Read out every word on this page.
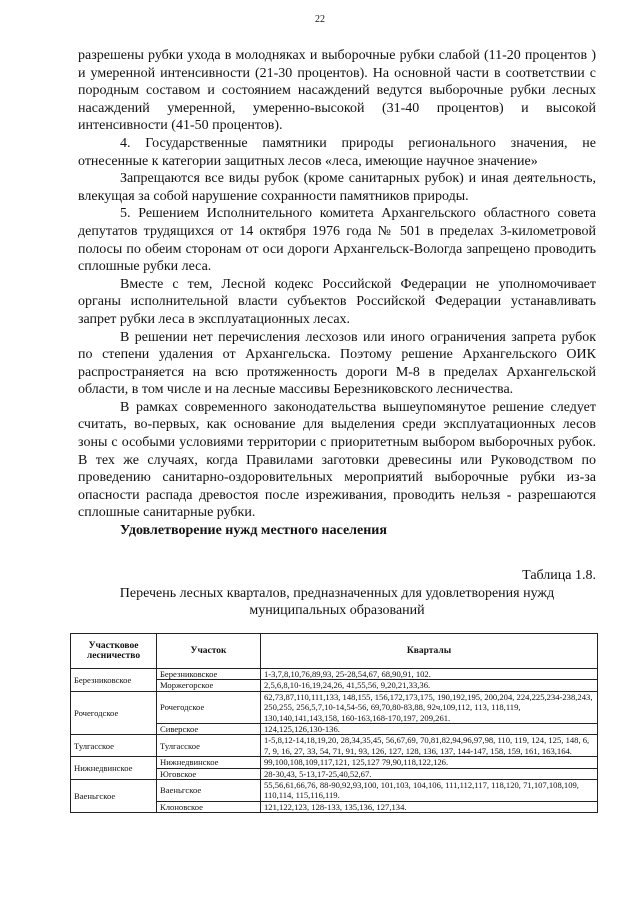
22

разрешены рубки ухода в молодняках и выборочные рубки слабой (11-20 процентов ) и умеренной интенсивности (21-30 процентов). На основной части в соответствии с породным составом и состоянием насаждений ведутся выборочные рубки лесных насаждений умеренной, умеренно-высокой (31-40 процентов) и высокой интенсивности (41-50 процентов).

4. Государственные памятники природы регионального значения, не отнесенные к категории защитных лесов «леса, имеющие научное значение»

Запрещаются все виды рубок (кроме санитарных рубок) и иная деятельность, влекущая за собой нарушение сохранности памятников природы.

5. Решением Исполнительного комитета Архангельского областного совета депутатов трудящихся от 14 октября 1976 года № 501 в пределах 3-километровой полосы по обеим сторонам от оси дороги Архангельск-Вологда запрещено проводить сплошные рубки леса.

Вместе с тем, Лесной кодекс Российской Федерации не уполномочивает органы исполнительной власти субъектов Российской Федерации устанавливать запрет рубки леса в эксплуатационных лесах.

В решении нет перечисления лесхозов или иного ограничения запрета рубок по степени удаления от Архангельска. Поэтому решение Архангельского ОИК распространяется на всю протяженность дороги М-8 в пределах Архангельской области, в том числе и на лесные массивы Березниковского лесничества.

В рамках современного законодательства вышеупомянутое решение следует считать, во-первых, как основание для выделения среди эксплуатационных лесов зоны с особыми условиями территории с приоритетным выбором выборочных рубок. В тех же случаях, когда Правилами заготовки древесины или Руководством по проведению санитарно-оздоровительных мероприятий выборочные рубки из-за опасности распада древостоя после изреживания, проводить нельзя - разрешаются сплошные санитарные рубки.

Удовлетворение нужд местного населения

Таблица 1.8.
Перечень лесных кварталов, предназначенных для удовлетворения нужд муниципальных образований
Участковое лесничество	Участок	Кварталы
Березниковское	Березниковское	1-3,7,8,10,76,89,93, 25-28,54,67, 68,90,91, 102.
	Моржегорское	2,5,6,8,10-16,19,24,26, 41,55,56, 9,20,21,33,36.
Рочегодское	Рочегодское	62,73,87,110,111,133, 148,155, 156,172,173,175, 190,192,195, 200,204, 224,225,234-238,243, 250,255, 256,5,7,10-14,54-56, 69,70,80-83,88, 92ч,109,112, 113, 118,119, 130,140,141,143,158, 160-163,168-170,197, 209,261.
	Сиверское	124,125,126,130-136.
Тулгасское	Тулгасское	1-5,8,12-14,18,19,20, 28,34,35,45, 56,67,69, 70,81,82,94,96,97,98, 110, 119, 124, 125, 148, 6, 7, 9, 16, 27, 33, 54, 71, 91, 93, 126, 127, 128, 136, 137, 144-147, 158, 159, 161, 163,164.
Нижнедвинское	Нижнедвинское	99,100,108,109,117,121, 125,127 79,90,118,122,126.
	Юговское	28-30,43, 5-13,17-25,40,52,67.
Ваеньгское	Ваеньгское	55,56,61,66,76, 88-90,92,93,100, 101,103, 104,106, 111,112,117, 118,120, 71,107,108,109, 110,114, 115,116,119.
	Клоновское	121,122,123, 128-133, 135,136, 127,134.
